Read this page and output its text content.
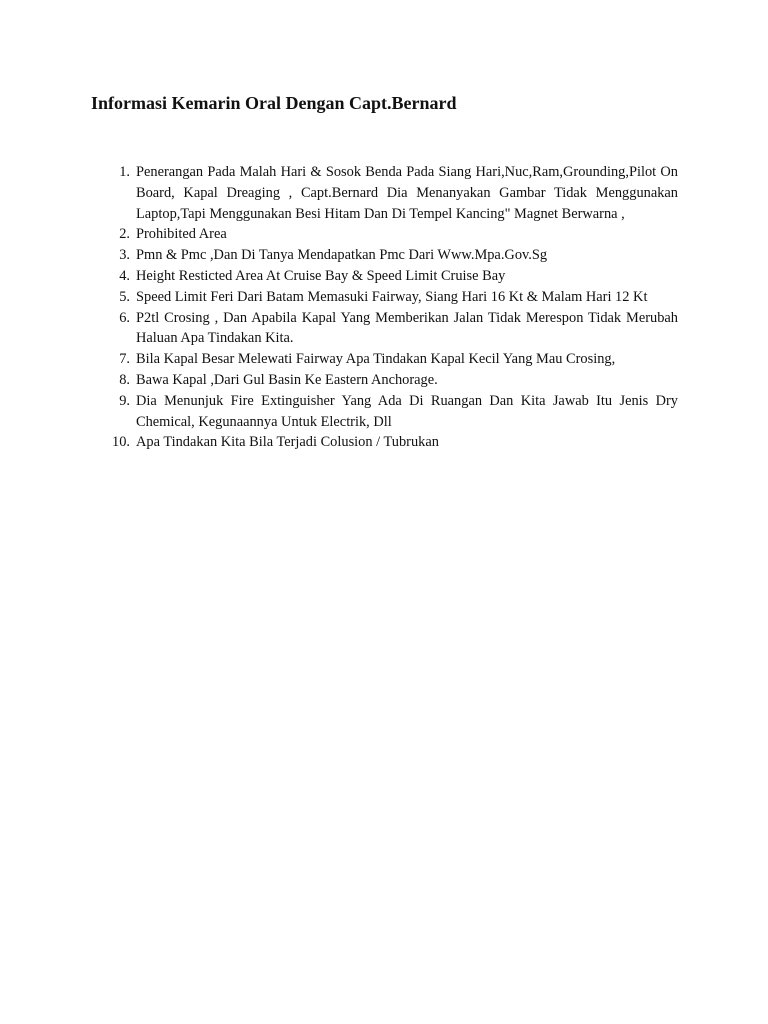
Informasi Kemarin Oral Dengan Capt.Bernard
1. Penerangan Pada Malah Hari & Sosok Benda Pada Siang Hari,Nuc,Ram,Grounding,Pilot On Board, Kapal Dreaging , Capt.Bernard Dia Menanyakan Gambar Tidak Menggunakan Laptop,Tapi Menggunakan Besi Hitam Dan Di Tempel Kancing" Magnet Berwarna ,
2. Prohibited Area
3. Pmn & Pmc ,Dan Di Tanya Mendapatkan Pmc Dari Www.Mpa.Gov.Sg
4. Height Resticted Area At Cruise Bay & Speed Limit Cruise Bay
5. Speed Limit Feri Dari Batam Memasuki Fairway, Siang Hari 16 Kt & Malam Hari 12 Kt
6. P2tl Crosing , Dan Apabila Kapal Yang Memberikan Jalan Tidak Merespon Tidak Merubah Haluan Apa Tindakan Kita.
7. Bila Kapal Besar Melewati Fairway Apa Tindakan Kapal Kecil Yang Mau Crosing,
8. Bawa Kapal ,Dari Gul Basin Ke Eastern Anchorage.
9. Dia Menunjuk Fire Extinguisher Yang Ada Di Ruangan Dan Kita Jawab Itu Jenis Dry Chemical, Kegunaannya Untuk Electrik, Dll
10. Apa Tindakan Kita Bila Terjadi Colusion / Tubrukan
